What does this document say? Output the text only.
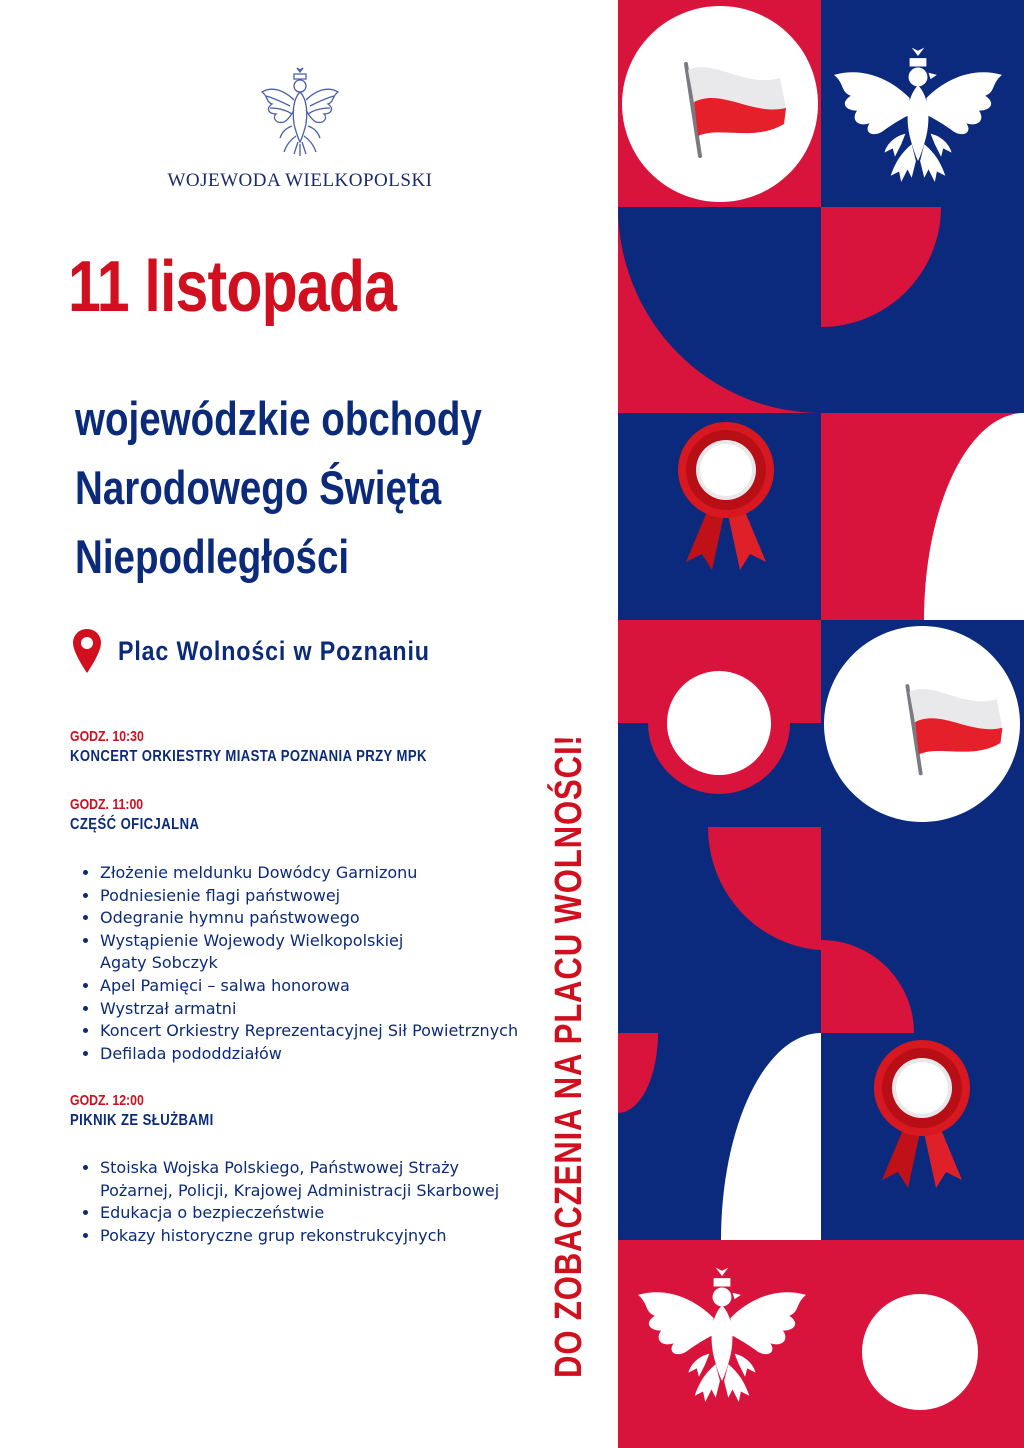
WOJEWODA WIELKOPOLSKI
11 listopada
wojewódzkie obchody
Narodowego Święta
Niepodległości
Plac Wolności w Poznaniu
GODZ. 10:30
KONCERT ORKIESTRY MIASTA POZNANIA PRZY MPK
GODZ. 11:00
CZĘŚĆ OFICJALNA
• Złożenie meldunku Dowódcy Garnizonu
• Podniesienie flagi państwowej
• Odegranie hymnu państwowego
• Wystąpienie Wojewody Wielkopolskiej
Agaty Sobczyk
• Apel Pamięci – salwa honorowa
• Wystrzał armatni
• Koncert Orkiestry Reprezentacyjnej Sił Powietrznych
• Defilada pododdziałów
GODZ. 12:00
PIKNIK ZE SŁUŻBAMI
• Stoiska Wojska Polskiego, Państwowej Straży
Pożarnej, Policji, Krajowej Administracji Skarbowej
• Edukacja o bezpieczeństwie
• Pokazy historyczne grup rekonstrukcyjnych	DO ZOBACZENIA NA PLACU WOLNOŚCI!
